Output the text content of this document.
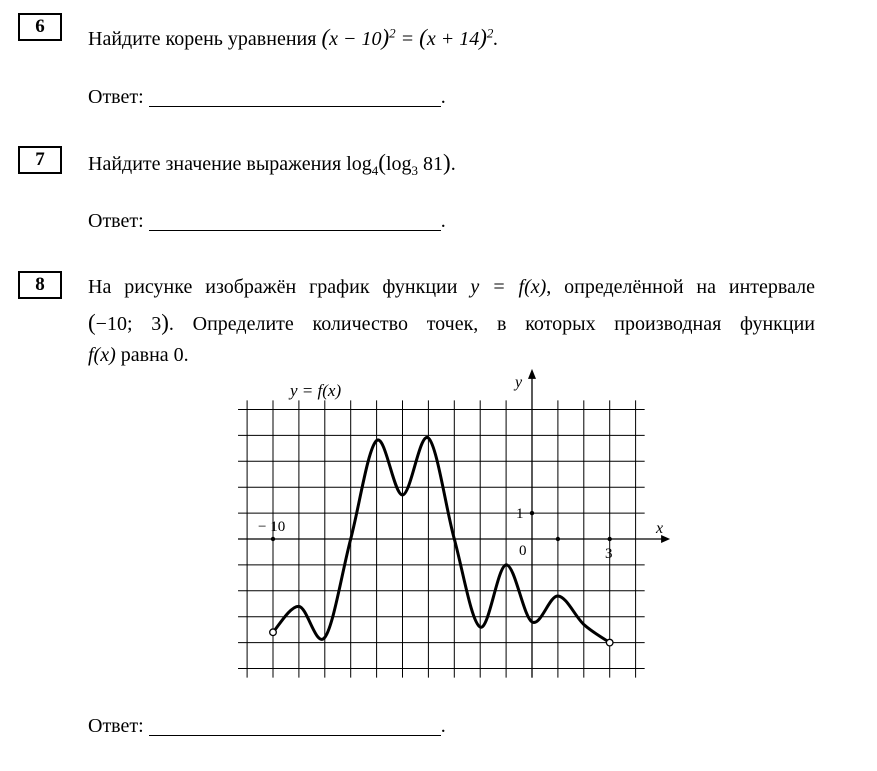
6
Найдите корень уравнения $(x - 10)^2 = (x + 14)^2$.
Ответ:	.
7	Найдите значение выражения $\log_4(\log_3$ 81).
Ответ:	.
8	На рисунке изображён график функции y = f(x), определённой на интервале
(−10; 3). Определите количество точек, в которых производная функции
f(x) равна 0.
y = f(x)	y
x
− 10
3
0
1
Ответ:	.
